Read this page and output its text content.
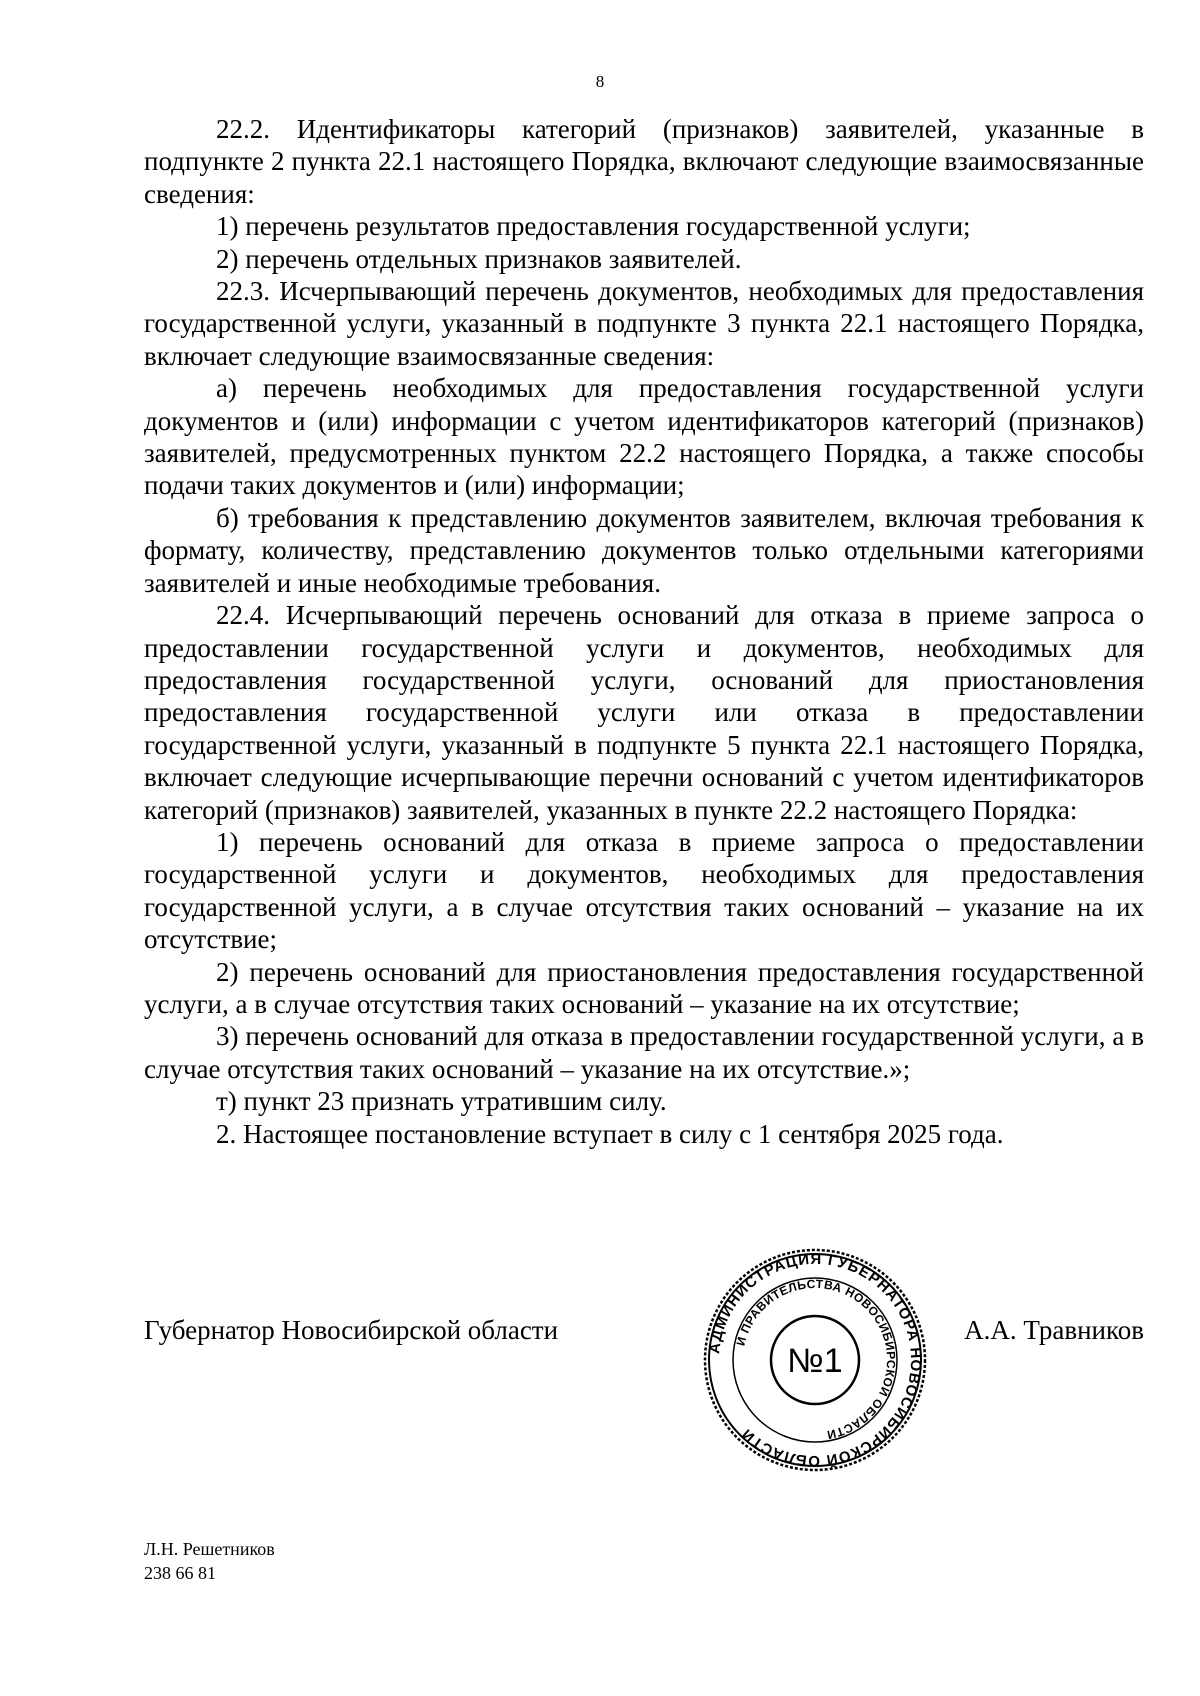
8

22.2. Идентификаторы категорий (признаков) заявителей, указанные в подпункте 2 пункта 22.1 настоящего Порядка, включают следующие взаимосвязанные сведения:

1) перечень результатов предоставления государственной услуги;

2) перечень отдельных признаков заявителей.

22.3. Исчерпывающий перечень документов, необходимых для предоставления государственной услуги, указанный в подпункте 3 пункта 22.1 настоящего Порядка, включает следующие взаимосвязанные сведения:

а) перечень необходимых для предоставления государственной услуги документов и (или) информации с учетом идентификаторов категорий (признаков) заявителей, предусмотренных пунктом 22.2 настоящего Порядка, а также способы подачи таких документов и (или) информации;

б) требования к представлению документов заявителем, включая требования к формату, количеству, представлению документов только отдельными категориями заявителей и иные необходимые требования.

22.4. Исчерпывающий перечень оснований для отказа в приеме запроса о предоставлении государственной услуги и документов, необходимых для предоставления государственной услуги, оснований для приостановления предоставления государственной услуги или отказа в предоставлении государственной услуги, указанный в подпункте 5 пункта 22.1 настоящего Порядка, включает следующие исчерпывающие перечни оснований с учетом идентификаторов категорий (признаков) заявителей, указанных в пункте 22.2 настоящего Порядка:

1) перечень оснований для отказа в приеме запроса о предоставлении государственной услуги и документов, необходимых для предоставления государственной услуги, а в случае отсутствия таких оснований – указание на их отсутствие;

2) перечень оснований для приостановления предоставления государственной услуги, а в случае отсутствия таких оснований – указание на их отсутствие;

3) перечень оснований для отказа в предоставлении государственной услуги, а в случае отсутствия таких оснований – указание на их отсутствие.»;

т) пункт 23 признать утратившим силу.

2. Настоящее постановление вступает в силу с 1 сентября 2025 года.

Губернатор Новосибирской области	А.А. Травников
АДМИНИСТРАЦИЯ ГУБЕРНАТОРА НОВОСИБИРСКОЙ ОБЛАСТИ
И ПРАВИТЕЛЬСТВА НОВОСИБИРСКОЙ ОБЛАСТИ
№1
Л.Н. Решетников
238 66 81
